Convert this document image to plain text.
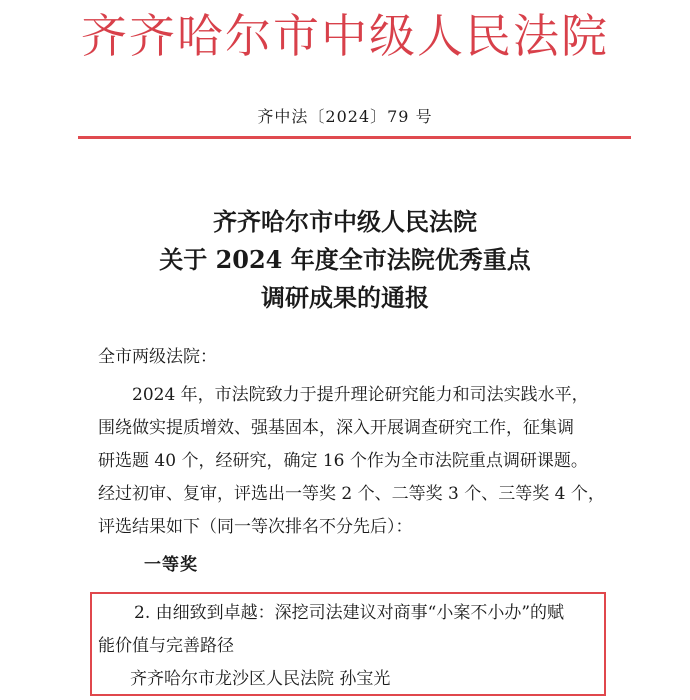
齐齐哈尔市中级人民法院
齐中法〔2024〕79 号
齐齐哈尔市中级人民法院
关于 2024 年度全市法院优秀重点
调研成果的通报
全市两级法院：
2024 年，市法院致力于提升理论研究能力和司法实践水平，
围绕做实提质增效、强基固本，深入开展调查研究工作，征集调
研选题 40 个，经研究，确定 16 个作为全市法院重点调研课题。
经过初审、复审，评选出一等奖 2 个、二等奖 3 个、三等奖 4 个，
评选结果如下（同一等次排名不分先后）：
一等奖
2. 由细致到卓越：深挖司法建议对商事“小案不小办”的赋
能价值与完善路径
齐齐哈尔市龙沙区人民法院 孙宝光
